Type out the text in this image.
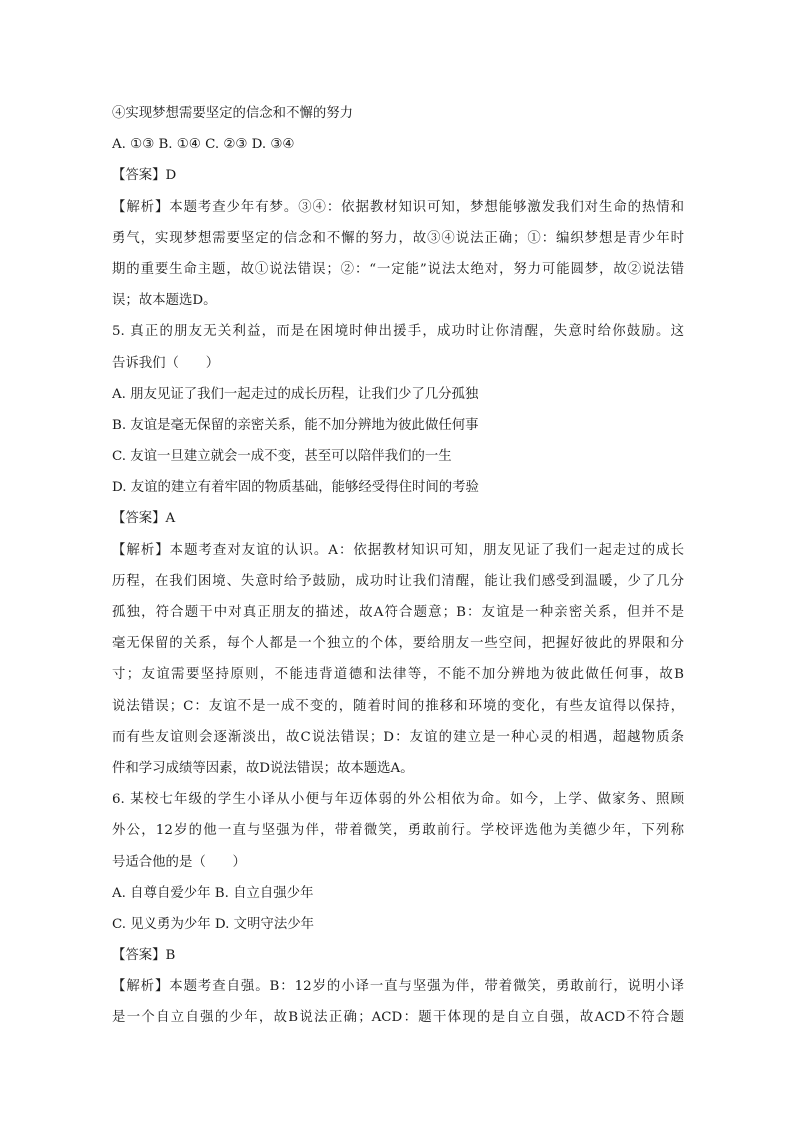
④实现梦想需要坚定的信念和不懈的努力
A. ①③ B. ①④ C. ②③ D. ③④
【答案】D
【解析】本题考查少年有梦。③④：依据教材知识可知，梦想能够激发我们对生命的热情和
勇气，实现梦想需要坚定的信念和不懈的努力，故③④说法正确；①：编织梦想是青少年时
期的重要生命主题，故①说法错误；②：“一定能”说法太绝对，努力可能圆梦，故②说法错
误；故本题选D。
5. 真正的朋友无关利益，而是在困境时伸出援手，成功时让你清醒，失意时给你鼓励。这
告诉我们（　　）
A. 朋友见证了我们一起走过的成长历程，让我们少了几分孤独
B. 友谊是毫无保留的亲密关系，能不加分辨地为彼此做任何事
C. 友谊一旦建立就会一成不变，甚至可以陪伴我们的一生
D. 友谊的建立有着牢固的物质基础，能够经受得住时间的考验
【答案】A
【解析】本题考查对友谊的认识。A：依据教材知识可知，朋友见证了我们一起走过的成长
历程，在我们困境、失意时给予鼓励，成功时让我们清醒，能让我们感受到温暖，少了几分
孤独，符合题干中对真正朋友的描述，故A符合题意；B：友谊是一种亲密关系，但并不是
毫无保留的关系，每个人都是一个独立的个体，要给朋友一些空间，把握好彼此的界限和分
寸；友谊需要坚持原则，不能违背道德和法律等，不能不加分辨地为彼此做任何事，故B
说法错误；C：友谊不是一成不变的，随着时间的推移和环境的变化，有些友谊得以保持，
而有些友谊则会逐渐淡出，故C说法错误；D：友谊的建立是一种心灵的相遇，超越物质条
件和学习成绩等因素，故D说法错误；故本题选A。
6. 某校七年级的学生小译从小便与年迈体弱的外公相依为命。如今，上学、做家务、照顾
外公，12岁的他一直与坚强为伴，带着微笑，勇敢前行。学校评选他为美德少年，下列称
号适合他的是（　　）
A. 自尊自爱少年 B. 自立自强少年
C. 见义勇为少年 D. 文明守法少年
【答案】B
【解析】本题考查自强。B：12岁的小译一直与坚强为伴，带着微笑，勇敢前行，说明小译
是一个自立自强的少年，故B说法正确；ACD：题干体现的是自立自强，故ACD不符合题
